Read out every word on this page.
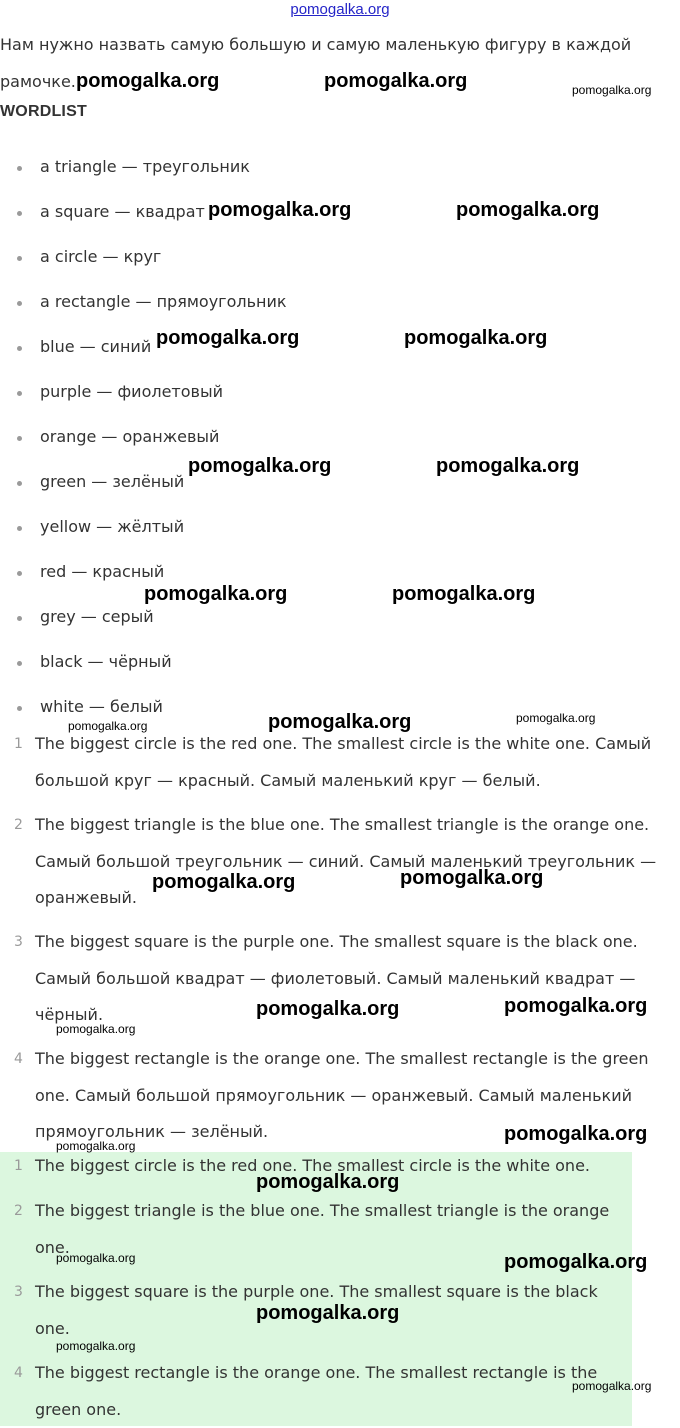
pomogalka.org
Нам нужно назвать самую большую и самую маленькую фигуру в каждой рамочке.
WORDLIST
a triangle — треугольник
a square — квадрат
a circle — круг
a rectangle — прямоугольник
blue — синий
purple — фиолетовый
orange — оранжевый
green — зелёный
yellow — жёлтый
red — красный
grey — серый
black — чёрный
white — белый
1 The biggest circle is the red one. The smallest circle is the white one. Самый большой круг — красный. Самый маленький круг — белый.
2 The biggest triangle is the blue one. The smallest triangle is the orange one. Самый большой треугольник — синий. Самый маленький треугольник — оранжевый.
3 The biggest square is the purple one. The smallest square is the black one. Самый большой квадрат — фиолетовый. Самый маленький квадрат — чёрный.
4 The biggest rectangle is the orange one. The smallest rectangle is the green one. Самый большой прямоугольник — оранжевый. Самый маленький прямоугольник — зелёный.
1 The biggest circle is the red one. The smallest circle is the white one.
2 The biggest triangle is the blue one. The smallest triangle is the orange one.
3 The biggest square is the purple one. The smallest square is the black one.
4 The biggest rectangle is the orange one. The smallest rectangle is the green one.
pomogalka.org	pomogalka.org	pomogalka.org
pomogalka.org	pomogalka.org
pomogalka.org	pomogalka.org
pomogalka.org	pomogalka.org
pomogalka.org	pomogalka.org
pomogalka.org	pomogalka.org	pomogalka.org
pomogalka.org	pomogalka.org
pomogalka.org	pomogalka.org
pomogalka.org
pomogalka.org
pomogalka.org
pomogalka.org
pomogalka.org	pomogalka.org
pomogalka.org
pomogalka.org
pomogalka.org
